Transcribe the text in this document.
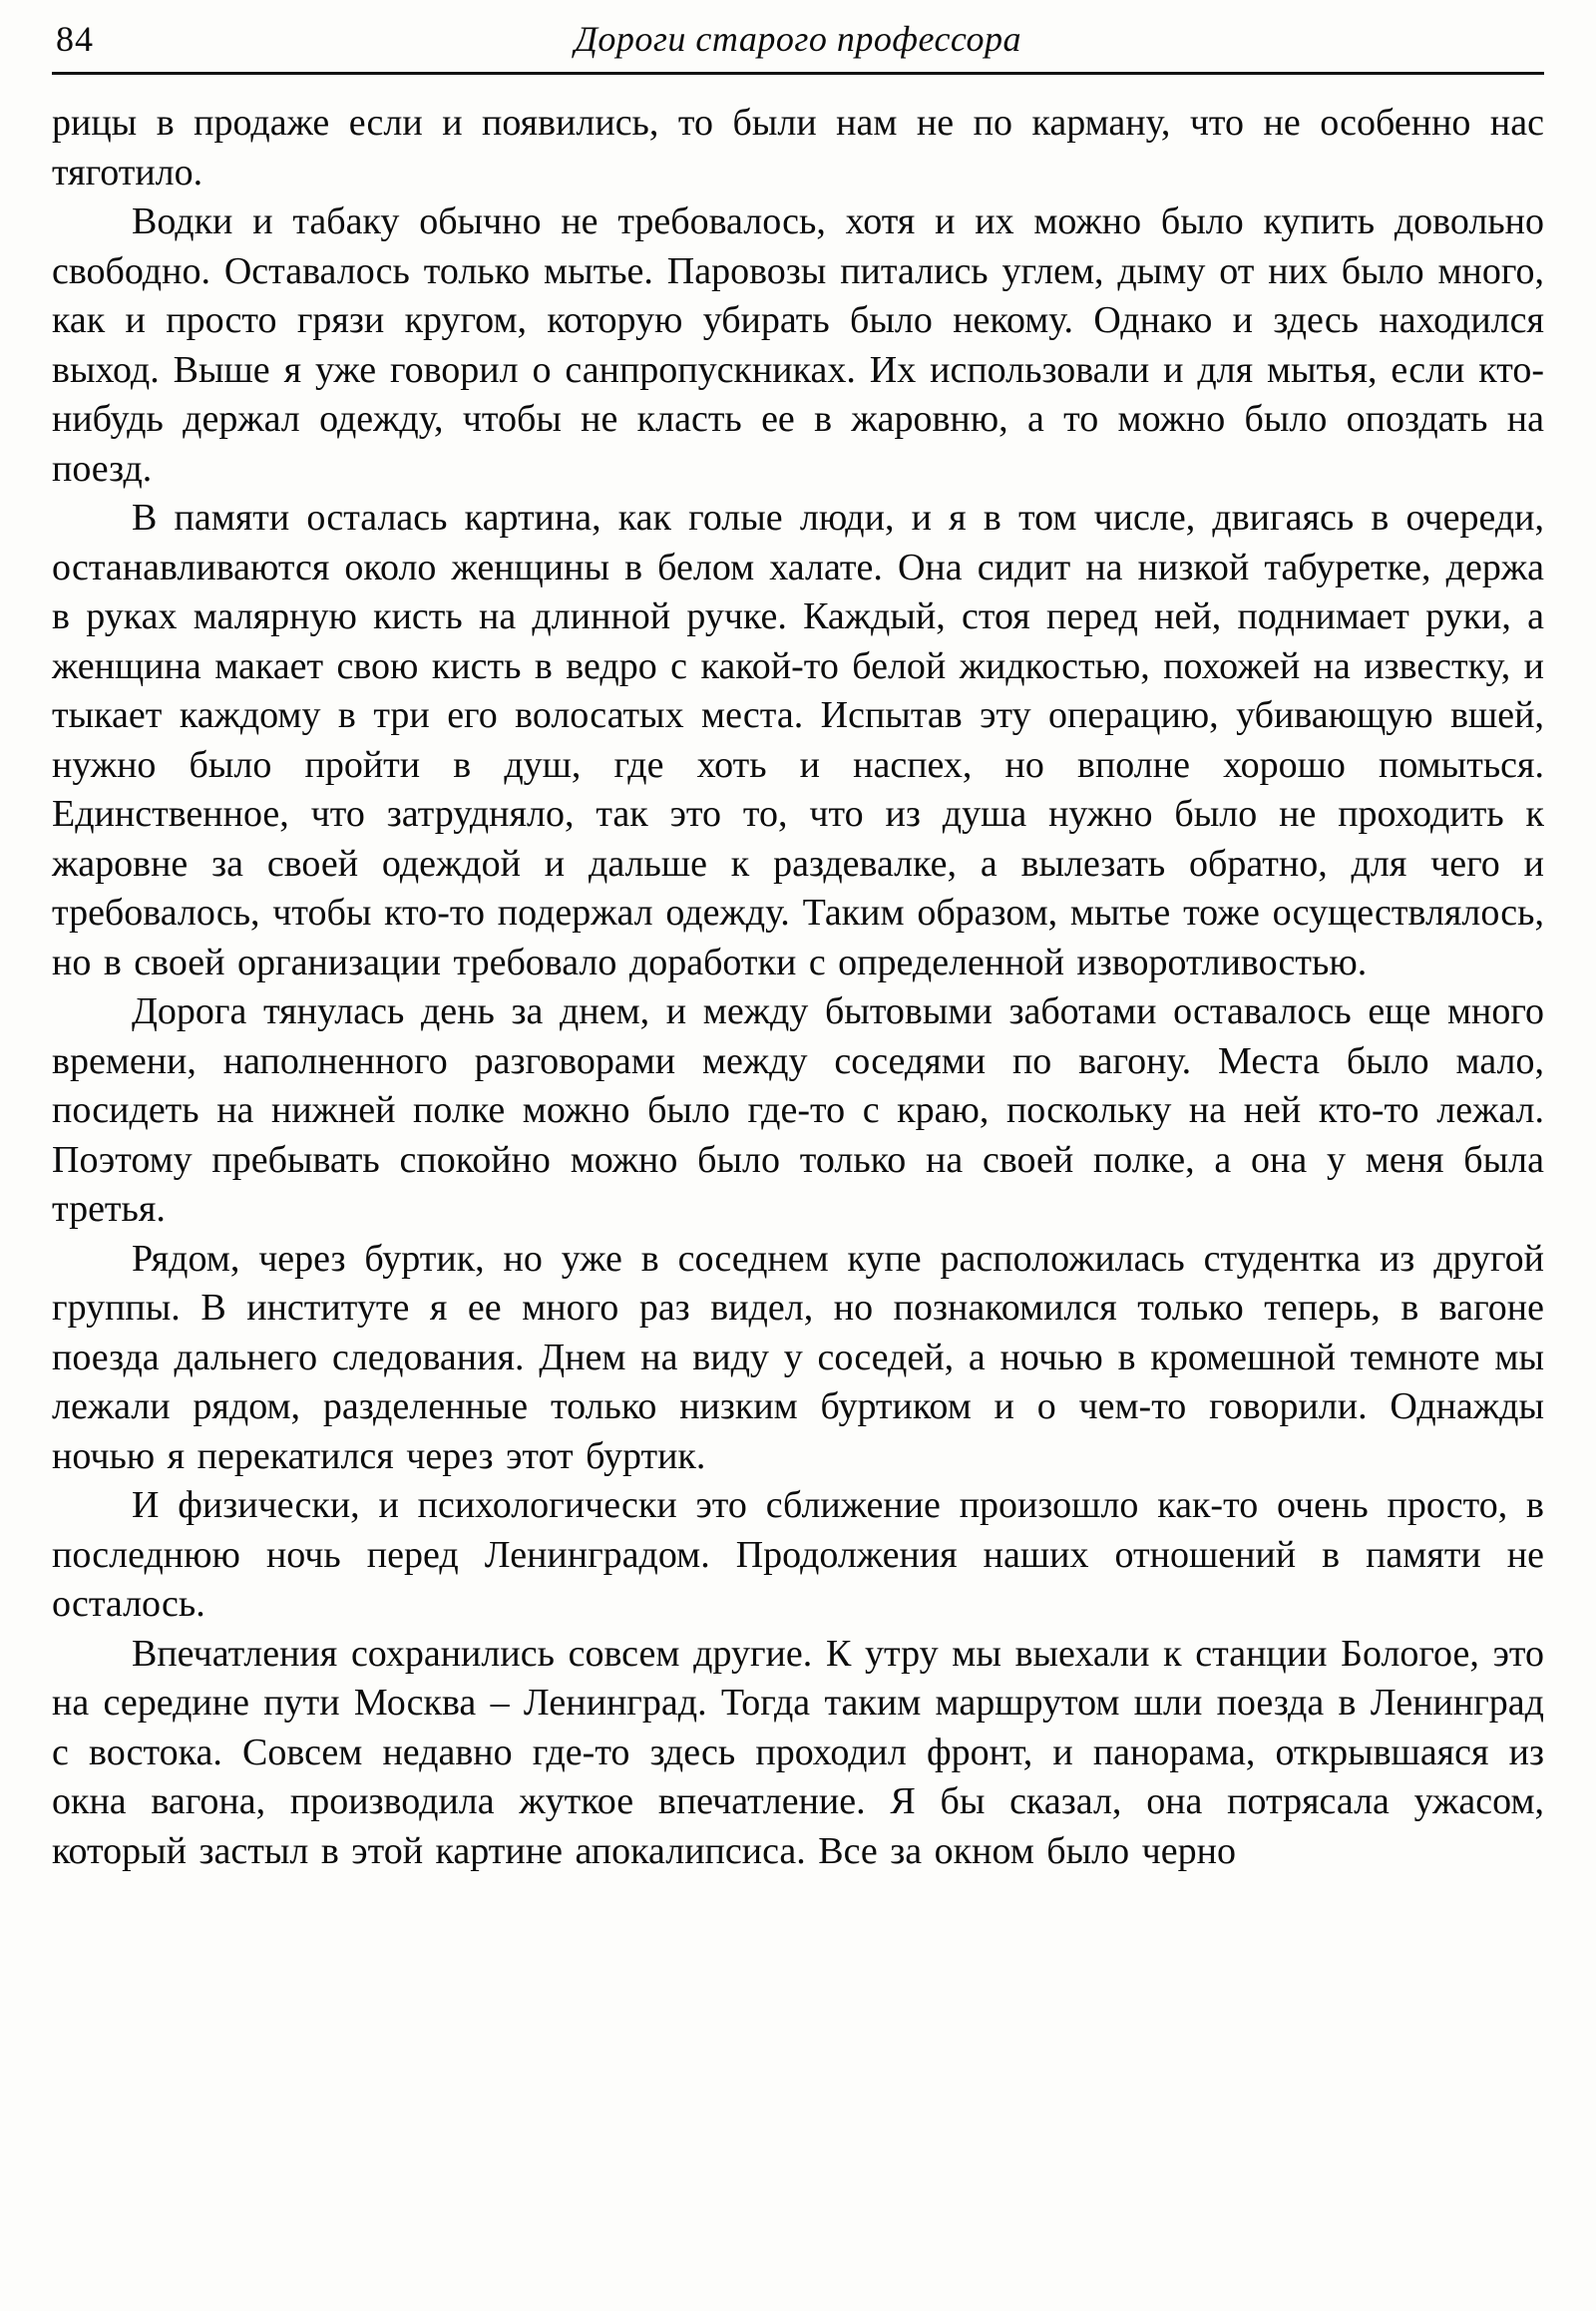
84	Дороги старого профессора

рицы в продаже если и появились, то были нам не по карману, что не особенно нас тяготило.

Водки и табаку обычно не требовалось, хотя и их можно было купить довольно свободно. Оставалось только мытье. Паровозы питались углем, дыму от них было много, как и просто грязи кругом, которую убирать было некому. Однако и здесь находился выход. Выше я уже говорил о санпропускниках. Их использовали и для мытья, если кто-нибудь держал одежду, чтобы не класть ее в жаровню, а то можно было опоздать на поезд.

В памяти осталась картина, как голые люди, и я в том числе, двигаясь в очереди, останавливаются около женщины в белом халате. Она сидит на низкой табуретке, держа в руках малярную кисть на длинной ручке. Каждый, стоя перед ней, поднимает руки, а женщина макает свою кисть в ведро с какой-то белой жидкостью, похожей на известку, и тыкает каждому в три его волосатых места. Испытав эту операцию, убивающую вшей, нужно было пройти в душ, где хоть и наспех, но вполне хорошо помыться. Единственное, что затрудняло, так это то, что из душа нужно было не проходить к жаровне за своей одеждой и дальше к раздевалке, а вылезать обратно, для чего и требовалось, чтобы кто-то подержал одежду. Таким образом, мытье тоже осуществлялось, но в своей организации требовало доработки с определенной изворотливостью.

Дорога тянулась день за днем, и между бытовыми заботами оставалось еще много времени, наполненного разговорами между соседями по вагону. Места было мало, посидеть на нижней полке можно было где-то с краю, поскольку на ней кто-то лежал. Поэтому пребывать спокойно можно было только на своей полке, а она у меня была третья.

Рядом, через буртик, но уже в соседнем купе расположилась студентка из другой группы. В институте я ее много раз видел, но познакомился только теперь, в вагоне поезда дальнего следования. Днем на виду у соседей, а ночью в кромешной темноте мы лежали рядом, разделенные только низким буртиком и о чем-то говорили. Однажды ночью я перекатился через этот буртик.

И физически, и психологически это сближение произошло как-то очень просто, в последнюю ночь перед Ленинградом. Продолжения наших отношений в памяти не осталось.

Впечатления сохранились совсем другие. К утру мы выехали к станции Бологое, это на середине пути Москва – Ленинград. Тогда таким маршрутом шли поезда в Ленинград с востока. Совсем недавно где-то здесь проходил фронт, и панорама, открывшаяся из окна вагона, производила жуткое впечатление. Я бы сказал, она потрясала ужасом, который застыл в этой картине апокалипсиса. Все за окном было черно
